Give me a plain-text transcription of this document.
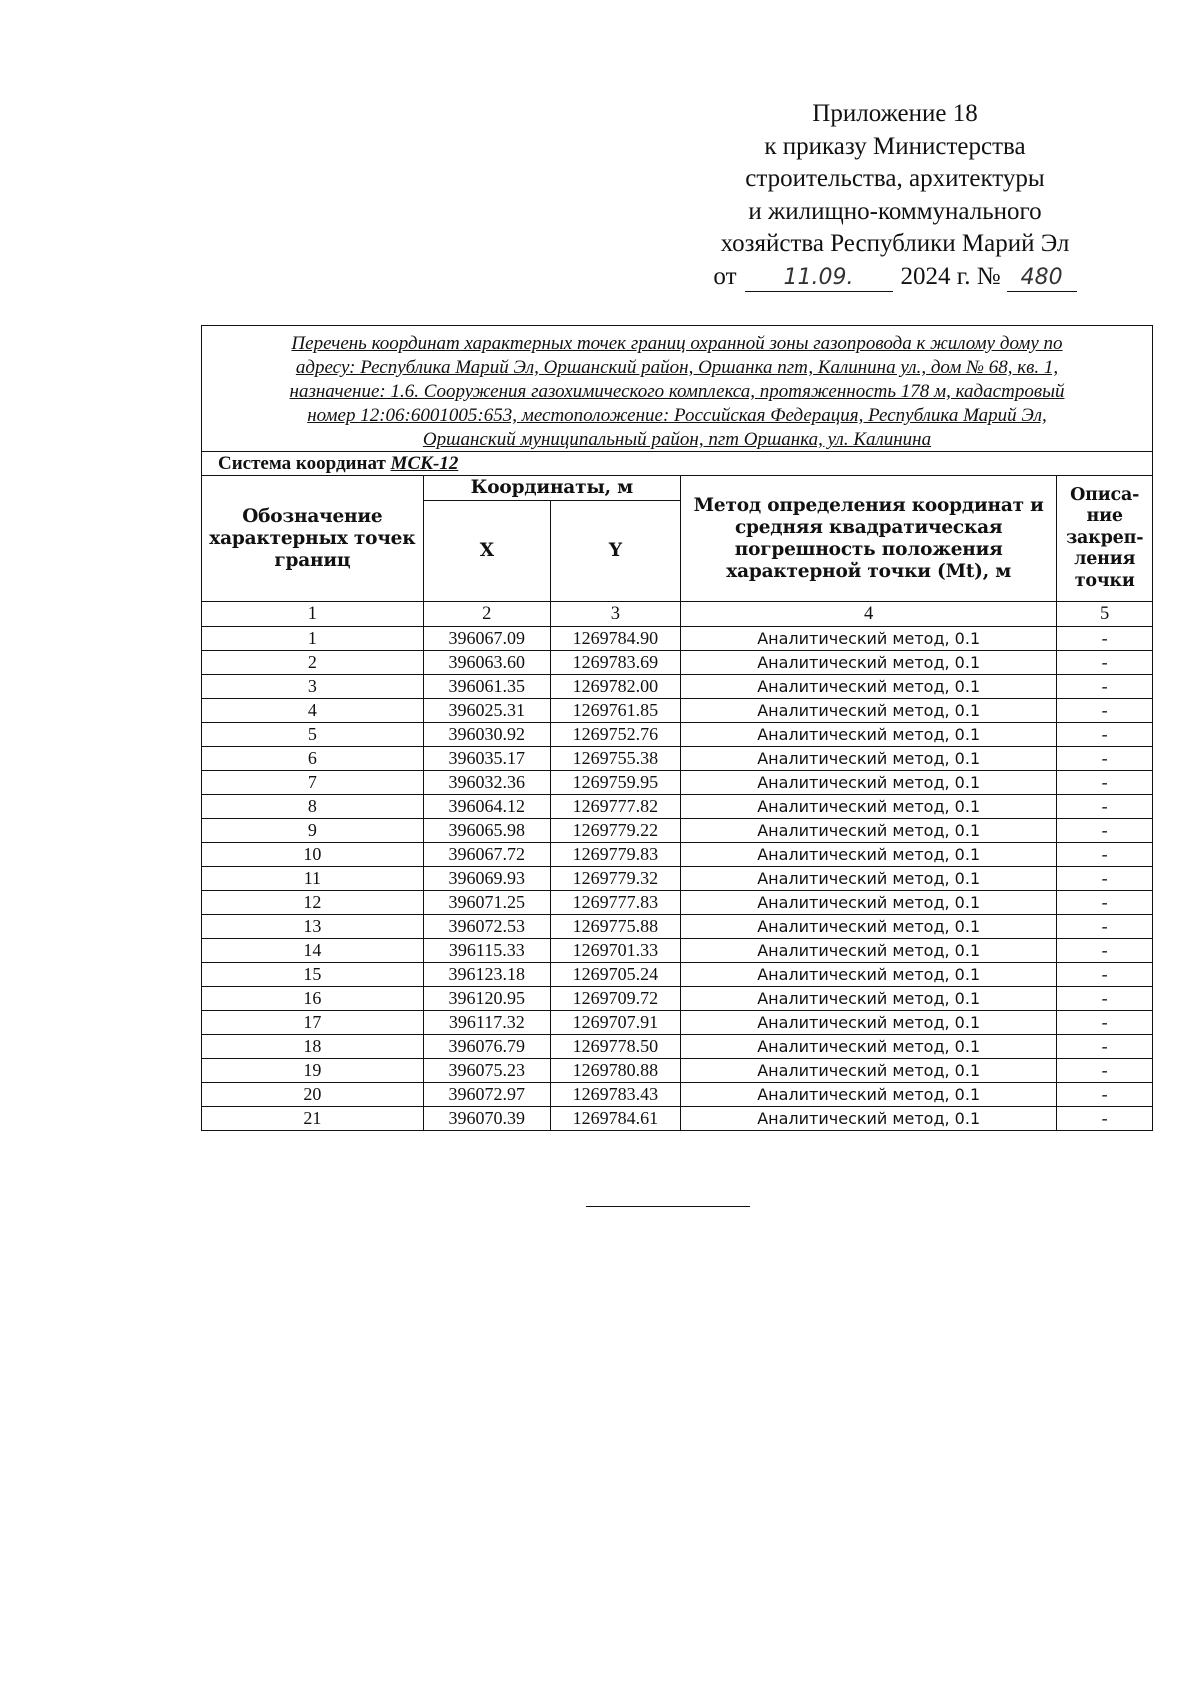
Приложение 18
к приказу Министерства
строительства, архитектуры
и жилищно-коммунального
хозяйства Республики Марий Эл
от 11.09. 2024 г. № 480
Перечень координат характерных точек границ охранной зоны газопровода к жилому дому по
адресу: Республика Марий Эл, Оршанский район, Оршанка пгт, Калинина ул., дом № 68, кв. 1,
назначение: 1.6. Сооружения газохимического комплекса, протяженность 178 м, кадастровый
номер 12:06:6001005:653, местоположение: Российская Федерация, Республика Марий Эл,
Оршанский муниципальный район, пгт Оршанка, ул. Калинина
Система координат МСК-12
Обозначение характерных точек границ	Координаты, м		Метод определения координат и средняя квадратическая погрешность положения характерной точки (Mt), м	Описа-ние закреп-ления точки
	X	Y		
1	2	3	4	5
1	396067.09	1269784.90	Аналитический метод, 0.1	-
2	396063.60	1269783.69	Аналитический метод, 0.1	-
3	396061.35	1269782.00	Аналитический метод, 0.1	-
4	396025.31	1269761.85	Аналитический метод, 0.1	-
5	396030.92	1269752.76	Аналитический метод, 0.1	-
6	396035.17	1269755.38	Аналитический метод, 0.1	-
7	396032.36	1269759.95	Аналитический метод, 0.1	-
8	396064.12	1269777.82	Аналитический метод, 0.1	-
9	396065.98	1269779.22	Аналитический метод, 0.1	-
10	396067.72	1269779.83	Аналитический метод, 0.1	-
11	396069.93	1269779.32	Аналитический метод, 0.1	-
12	396071.25	1269777.83	Аналитический метод, 0.1	-
13	396072.53	1269775.88	Аналитический метод, 0.1	-
14	396115.33	1269701.33	Аналитический метод, 0.1	-
15	396123.18	1269705.24	Аналитический метод, 0.1	-
16	396120.95	1269709.72	Аналитический метод, 0.1	-
17	396117.32	1269707.91	Аналитический метод, 0.1	-
18	396076.79	1269778.50	Аналитический метод, 0.1	-
19	396075.23	1269780.88	Аналитический метод, 0.1	-
20	396072.97	1269783.43	Аналитический метод, 0.1	-
21	396070.39	1269784.61	Аналитический метод, 0.1	-
